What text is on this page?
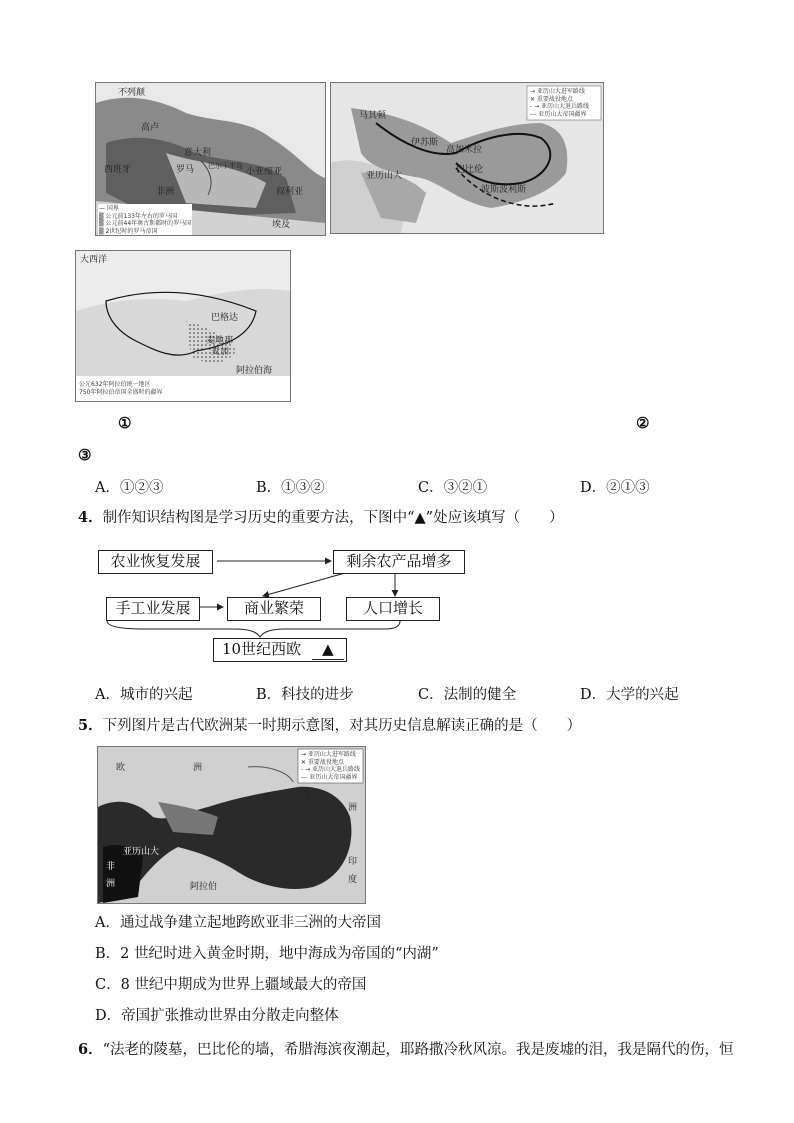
不列颠
高卢
西班牙	罗马
意大利
巴尔干半岛
小亚细亚
叙利亚
埃及
非洲
— 国界
▒ 公元前133年左右的罗马国
▒ 公元前44年奥古斯都时的罗马国
▒ 2世纪时的罗马帝国
马其顿
伊苏斯
高加米拉
巴比伦
亚历山大
波斯波利斯
→ 亚历山大进军路线
✕ 重要战役地点
- → 亚历山大退兵路线
--- 亚历山大帝国疆界
大西洋
巴格达
麦地那
麦加
阿拉伯海
公元632年阿拉伯统一地区
750年阿拉伯帝国全盛时的疆界
①	②
③
A．①②③	B．①③②	C．③②①	D．②①③
4．制作知识结构图是学习历史的重要方法，下图中“▲”处应该填写（　　）
农业恢复发展	剩余农产品增多
手工业发展	商业繁荣	人口增长
10世纪西欧 ▲
A．城市的兴起	B．科技的进步	C．法制的健全	D．大学的兴起
5．下列图片是古代欧洲某一时期示意图，对其历史信息解读正确的是（　　）
欧	洲
亚
洲
非
洲	阿拉伯
印
度
亚历山大
→ 亚历山大进军路线
✕ 重要战役地点
- → 亚历山大退兵路线
--- 亚历山大帝国疆界
A．通过战争建立起地跨欧亚非三洲的大帝国
B．2 世纪时进入黄金时期，地中海成为帝国的“内湖”
C．8 世纪中期成为世界上疆域最大的帝国
D．帝国扩张推动世界由分散走向整体
6．“法老的陵墓，巴比伦的墙，希腊海滨夜潮起，耶路撒冷秋风凉。我是废墟的泪，我是隔代的伤，恒
